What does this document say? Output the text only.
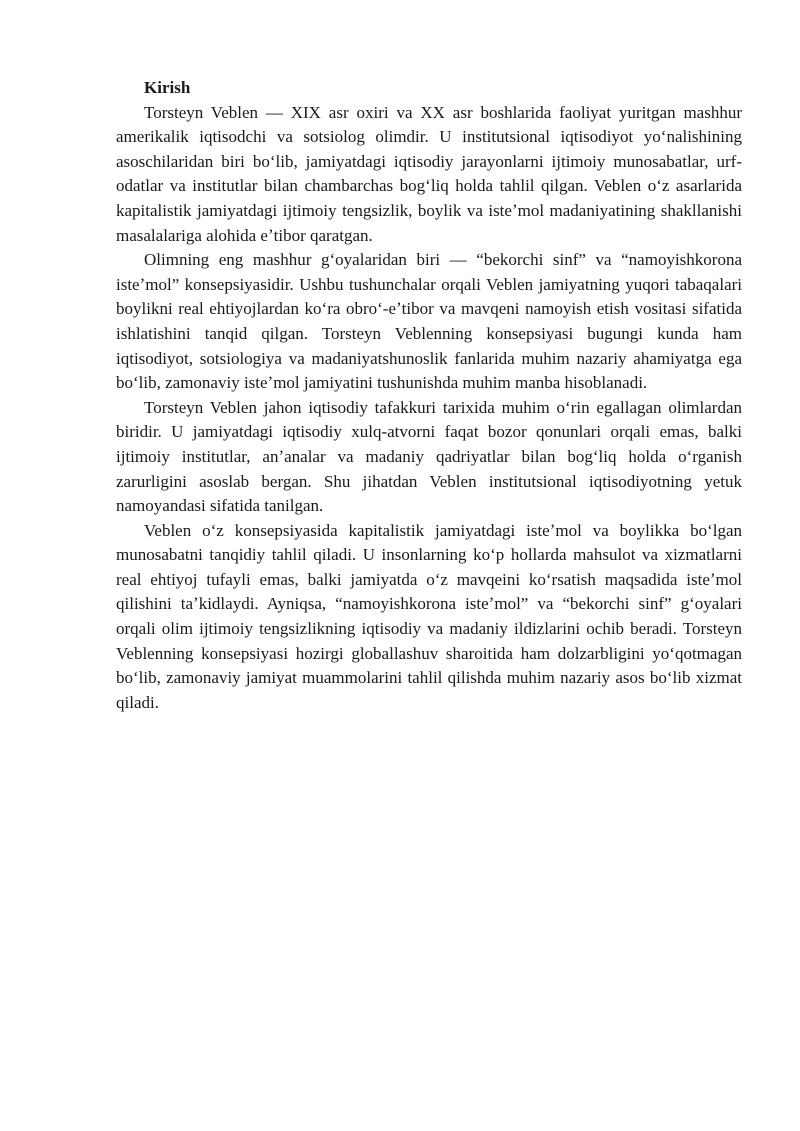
Kirish

Torsteyn Veblen — XIX asr oxiri va XX asr boshlarida faoliyat yuritgan mashhur amerikalik iqtisodchi va sotsiolog olimdir. U institutsional iqtisodiyot yoʻnalishining asoschilaridan biri boʻlib, jamiyatdagi iqtisodiy jarayonlarni ijtimoiy munosabatlar, urf-odatlar va institutlar bilan chambarchas bogʻliq holda tahlil qilgan. Veblen oʻz asarlarida kapitalistik jamiyatdagi ijtimoiy tengsizlik, boylik va isteʼmol madaniyatining shakllanishi masalalariga alohida eʼtibor qaratgan.

Olimning eng mashhur gʻoyalaridan biri — “bekorchi sinf” va “namoyishkorona isteʼmol” konsepsiyasidir. Ushbu tushunchalar orqali Veblen jamiyatning yuqori tabaqalari boylikni real ehtiyojlardan koʻra obroʻ-eʼtibor va mavqeni namoyish etish vositasi sifatida ishlatishini tanqid qilgan. Torsteyn Veblenning konsepsiyasi bugungi kunda ham iqtisodiyot, sotsiologiya va madaniyatshunoslik fanlarida muhim nazariy ahamiyatga ega boʻlib, zamonaviy isteʼmol jamiyatini tushunishda muhim manba hisoblanadi.

Torsteyn Veblen jahon iqtisodiy tafakkuri tarixida muhim oʻrin egallagan olimlardan biridir. U jamiyatdagi iqtisodiy xulq-atvorni faqat bozor qonunlari orqali emas, balki ijtimoiy institutlar, anʼanalar va madaniy qadriyatlar bilan bogʻliq holda oʻrganish zarurligini asoslab bergan. Shu jihatdan Veblen institutsional iqtisodiyotning yetuk namoyandasi sifatida tanilgan.

Veblen oʻz konsepsiyasida kapitalistik jamiyatdagi isteʼmol va boylikka boʻlgan munosabatni tanqidiy tahlil qiladi. U insonlarning koʻp hollarda mahsulot va xizmatlarni real ehtiyoj tufayli emas, balki jamiyatda oʻz mavqeini koʻrsatish maqsadida isteʼmol qilishini taʼkidlaydi. Ayniqsa, “namoyishkorona isteʼmol” va “bekorchi sinf” gʻoyalari orqali olim ijtimoiy tengsizlikning iqtisodiy va madaniy ildizlarini ochib beradi. Torsteyn Veblenning konsepsiyasi hozirgi globallashuv sharoitida ham dolzarbligini yoʻqotmagan boʻlib, zamonaviy jamiyat muammolarini tahlil qilishda muhim nazariy asos boʻlib xizmat qiladi.
